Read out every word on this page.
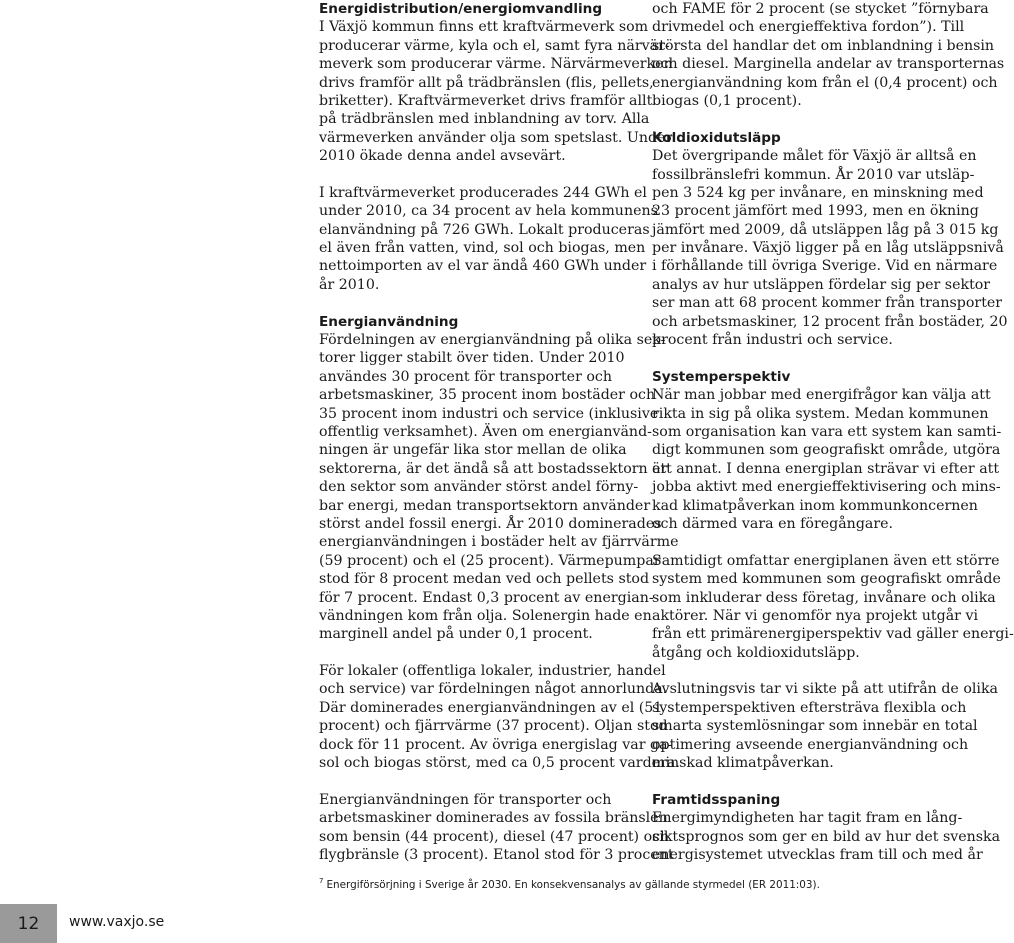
Energidistribution/energiomvandling

I Växjö kommun finns ett kraftvärmeverk som

producerar värme, kyla och el, samt fyra närvär-

meverk som producerar värme. Närvärmeverken

drivs framför allt på trädbränslen (flis, pellets,

briketter). Kraftvärmeverket drivs framför allt

på trädbränslen med inblandning av torv. Alla

värmeverken använder olja som spetslast. Under

2010 ökade denna andel avsevärt.

I kraftvärmeverket producerades 244 GWh el

under 2010, ca 34 procent av hela kommunens

elanvändning på 726 GWh. Lokalt produceras

el även från vatten, vind, sol och biogas, men

nettoimporten av el var ändå 460 GWh under

år 2010.

Energianvändning

Fördelningen av energianvändning på olika sek-

torer ligger stabilt över tiden. Under 2010

användes 30 procent för transporter och

arbetsmaskiner, 35 procent inom bostäder och

35 procent inom industri och service (inklusive

offentlig verksamhet). Även om energianvänd-

ningen är ungefär lika stor mellan de olika

sektorerna, är det ändå så att bostadssektorn är

den sektor som använder störst andel förny-

bar energi, medan transportsektorn använder

störst andel fossil energi. År 2010 dominerades

energianvändningen i bostäder helt av fjärrvärme

(59 procent) och el (25 procent). Värmepumpar

stod för 8 procent medan ved och pellets stod

för 7 procent. Endast 0,3 procent av energian-

vändningen kom från olja. Solenergin hade en

marginell andel på under 0,1 procent.

För lokaler (offentliga lokaler, industrier, handel

och service) var fördelningen något annorlunda.

Där dominerades energianvändningen av el (51

procent) och fjärrvärme (37 procent). Oljan stod

dock för 11 procent. Av övriga energislag var ga-

sol och biogas störst, med ca 0,5 procent vardera.

Energianvändningen för transporter och

arbetsmaskiner dominerades av fossila bränslen

som bensin (44 procent), diesel (47 procent) och

flygbränsle (3 procent). Etanol stod för 3 procent

och FAME för 2 procent (se stycket ”förnybara

drivmedel och energieffektiva fordon”). Till

största del handlar det om inblandning i bensin

och diesel. Marginella andelar av transporternas

energianvändning kom från el (0,4 procent) och

biogas (0,1 procent).

Koldioxidutsläpp

Det övergripande målet för Växjö är alltså en

fossilbränslefri kommun. År 2010 var utsläp-

pen 3 524 kg per invånare, en minskning med

23 procent jämfört med 1993, men en ökning

jämfört med 2009, då utsläppen låg på 3 015 kg

per invånare. Växjö ligger på en låg utsläppsnivå

i förhållande till övriga Sverige. Vid en närmare

analys av hur utsläppen fördelar sig per sektor

ser man att 68 procent kommer från transporter

och arbetsmaskiner, 12 procent från bostäder, 20

procent från industri och service.

Systemperspektiv

När man jobbar med energifrågor kan välja att

rikta in sig på olika system. Medan kommunen

som organisation kan vara ett system kan samti-

digt kommunen som geografiskt område, utgöra

ett annat. I denna energiplan strävar vi efter att

jobba aktivt med energieffektivisering och mins-

kad klimatpåverkan inom kommunkoncernen

och därmed vara en föregångare.

Samtidigt omfattar energiplanen även ett större

system med kommunen som geografiskt område

som inkluderar dess företag, invånare och olika

aktörer. När vi genomför nya projekt utgår vi

från ett primärenergiperspektiv vad gäller energi-

åtgång och koldioxidutsläpp.

Avslutningsvis tar vi sikte på att utifrån de olika

systemperspektiven eftersträva flexibla och

smarta systemlösningar som innebär en total

optimering avseende energianvändning och

minskad klimatpåverkan.

Framtidsspaning

Energimyndigheten har tagit fram en lång-

siktsprognos som ger en bild av hur det svenska

energisystemet utvecklas fram till och med år

$^7$ Energiförsörjning i Sverige år 2030. En konsekvensanalys av gällande styrmedel (ER 2011:03).
12 www.vaxjo.se
